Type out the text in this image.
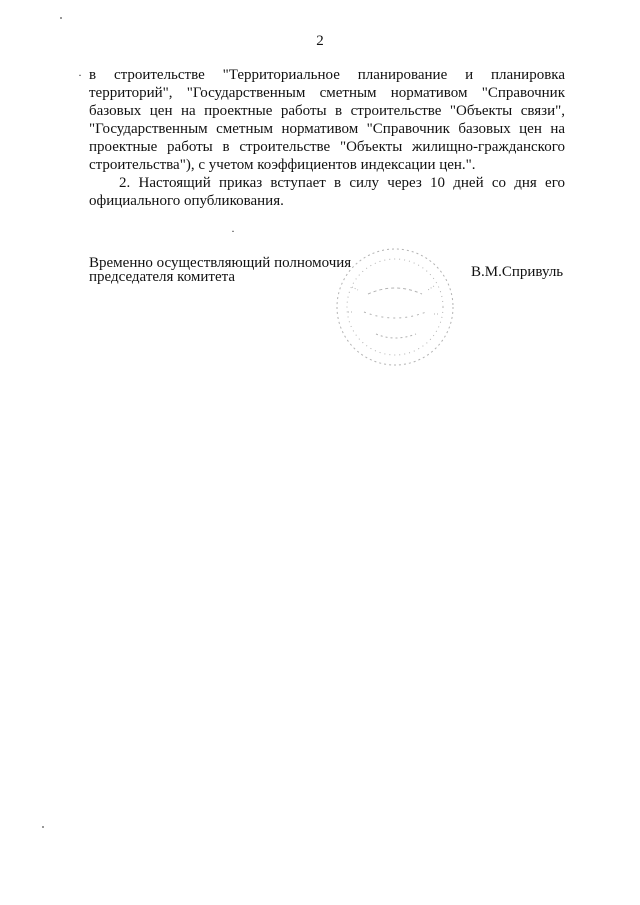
2
·
·

в строительстве "Территориальное планирование и планировка территорий", "Государственным сметным нормативом "Справочник базовых цен на проектные работы в строительстве "Объекты связи", "Государственным сметным нормативом "Справочник базовых цен на проектные работы в строительстве "Объекты жилищно-гражданского строительства"), с учетом коэффициентов индексации цен.".

2. Настоящий приказ вступает в силу через 10 дней со дня его официального опубликования.

Временно осуществляющий полномочия
председателя комитета	В.М.Спривуль
